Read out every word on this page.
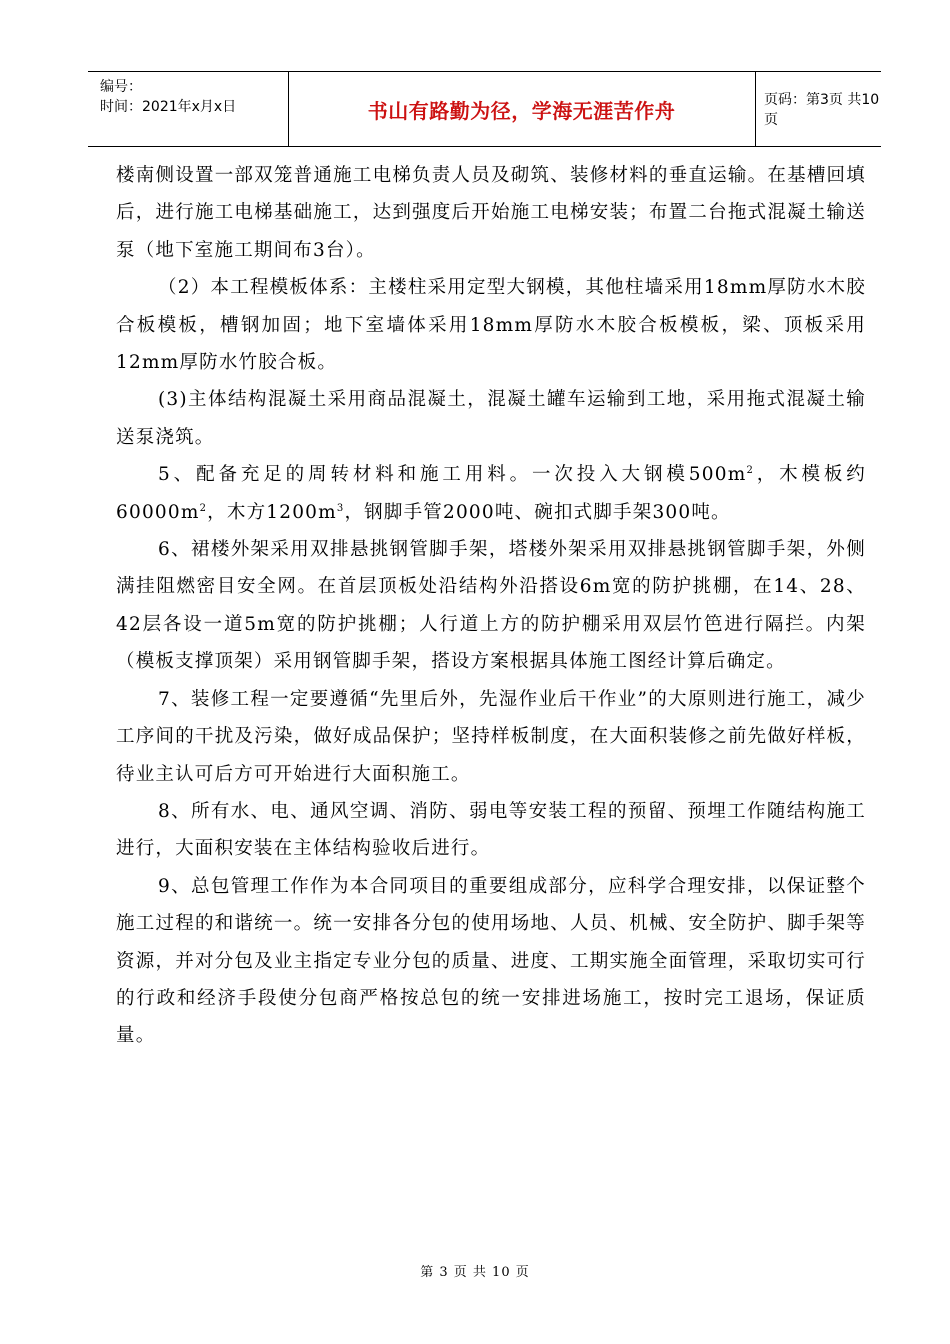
编号：
时间：2021年x月x日	书山有路勤为径，学海无涯苦作舟	页码：第3页 共10页

楼南侧设置一部双笼普通施工电梯负责人员及砌筑、装修材料的垂直运输。在基槽回填后，进行施工电梯基础施工，达到强度后开始施工电梯安装；布置二台拖式混凝土输送泵（地下室施工期间布3台）。

（2）本工程模板体系：主楼柱采用定型大钢模，其他柱墙采用18mm厚防水木胶合板模板，槽钢加固；地下室墙体采用18mm厚防水木胶合板模板，梁、顶板采用12mm厚防水竹胶合板。

(3)主体结构混凝土采用商品混凝土，混凝土罐车运输到工地，采用拖式混凝土输送泵浇筑。

5、配备充足的周转材料和施工用料。一次投入大钢模$500m^2$，木模板约$60000m^2$，木方$1200m^3$，钢脚手管2000吨、碗扣式脚手架300吨。

6、裙楼外架采用双排悬挑钢管脚手架，塔楼外架采用双排悬挑钢管脚手架，外侧满挂阻燃密目安全网。在首层顶板处沿结构外沿搭设6m宽的防护挑棚，在14、28、42层各设一道5m宽的防护挑棚；人行道上方的防护棚采用双层竹笆进行隔拦。内架（模板支撑顶架）采用钢管脚手架，搭设方案根据具体施工图经计算后确定。

7、装修工程一定要遵循“先里后外，先湿作业后干作业”的大原则进行施工，减少工序间的干扰及污染，做好成品保护；坚持样板制度，在大面积装修之前先做好样板，待业主认可后方可开始进行大面积施工。

8、所有水、电、通风空调、消防、弱电等安装工程的预留、预埋工作随结构施工进行，大面积安装在主体结构验收后进行。

9、总包管理工作作为本合同项目的重要组成部分，应科学合理安排，以保证整个施工过程的和谐统一。统一安排各分包的使用场地、人员、机械、安全防护、脚手架等资源，并对分包及业主指定专业分包的质量、进度、工期实施全面管理，采取切实可行的行政和经济手段使分包商严格按总包的统一安排进场施工，按时完工退场，保证质量。

第 3 页 共 10 页
